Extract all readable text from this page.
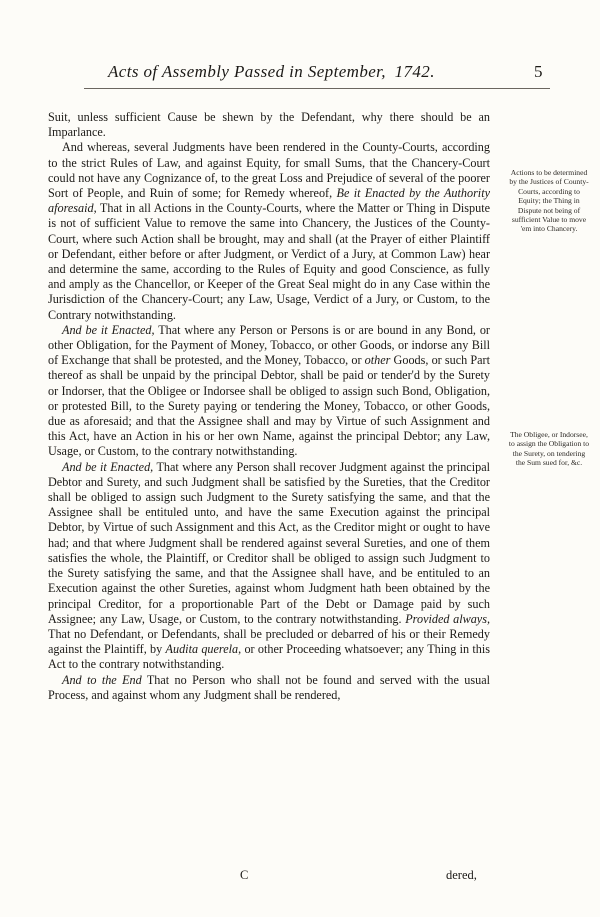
Acts of Assembly Passed in September, 1742.	5

Suit, unless sufficient Cause be shewn by the Defendant, why there should be an Imparlance.

And whereas, several Judgments have been rendered in the County-Courts, according to the strict Rules of Law, and against Equity, for small Sums, that the Chancery-Court could not have any Cognizance of, to the great Loss and Prejudice of several of the poorer Sort of People, and Ruin of some; for Remedy whereof, Be it Enacted by the Authority aforesaid, That in all Actions in the County-Courts, where the Matter or Thing in Dispute is not of sufficient Value to remove the same into Chancery, the Justices of the County-Court, where such Action shall be brought, may and shall (at the Prayer of either Plaintiff or Defendant, either before or after Judgment, or Verdict of a Jury, at Common Law) hear and determine the same, according to the Rules of Equity and good Conscience, as fully and amply as the Chancellor, or Keeper of the Great Seal might do in any Case within the Jurisdiction of the Chancery-Court; any Law, Usage, Verdict of a Jury, or Custom, to the Contrary notwithstanding.

And be it Enacted, That where any Person or Persons is or are bound in any Bond, or other Obligation, for the Payment of Money, Tobacco, or other Goods, or indorse any Bill of Exchange that shall be protested, and the Money, Tobacco, or other Goods, or such Part thereof as shall be unpaid by the principal Debtor, shall be paid or tender'd by the Surety or Indorser, that the Obligee or Indorsee shall be obliged to assign such Bond, Obligation, or protested Bill, to the Surety paying or tendering the Money, Tobacco, or other Goods, due as aforesaid; and that the Assignee shall and may by Virtue of such Assignment and this Act, have an Action in his or her own Name, against the principal Debtor; any Law, Usage, or Custom, to the contrary notwithstanding.

And be it Enacted, That where any Person shall recover Judgment against the principal Debtor and Surety, and such Judgment shall be satisfied by the Sureties, that the Creditor shall be obliged to assign such Judgment to the Surety satisfying the same, and that the Assignee shall be entituled unto, and have the same Execution against the principal Debtor, by Virtue of such Assignment and this Act, as the Creditor might or ought to have had; and that where Judgment shall be rendered against several Sureties, and one of them satisfies the whole, the Plaintiff, or Creditor shall be obliged to assign such Judgment to the Surety satisfying the same, and that the Assignee shall have, and be entituled to an Execution against the other Sureties, against whom Judgment hath been obtained by the principal Creditor, for a proportionable Part of the Debt or Damage paid by such Assignee; any Law, Usage, or Custom, to the contrary notwithstanding. Provided always, That no Defendant, or Defendants, shall be precluded or debarred of his or their Remedy against the Plaintiff, by Audita querela, or other Proceeding whatsoever; any Thing in this Act to the contrary notwithstanding.

And to the End That no Person who shall not be found and served with the usual Process, and against whom any Judgment shall be rendered,

Actions to be determined by the Justices of County-Courts, according to Equity; the Thing in Dispute not being of sufficient Value to move 'em into Chancery.
The Obligee, or Indorsee, to assign the Obligation to the Surety, on tendering the Sum sued for, &c.
C	dered,
